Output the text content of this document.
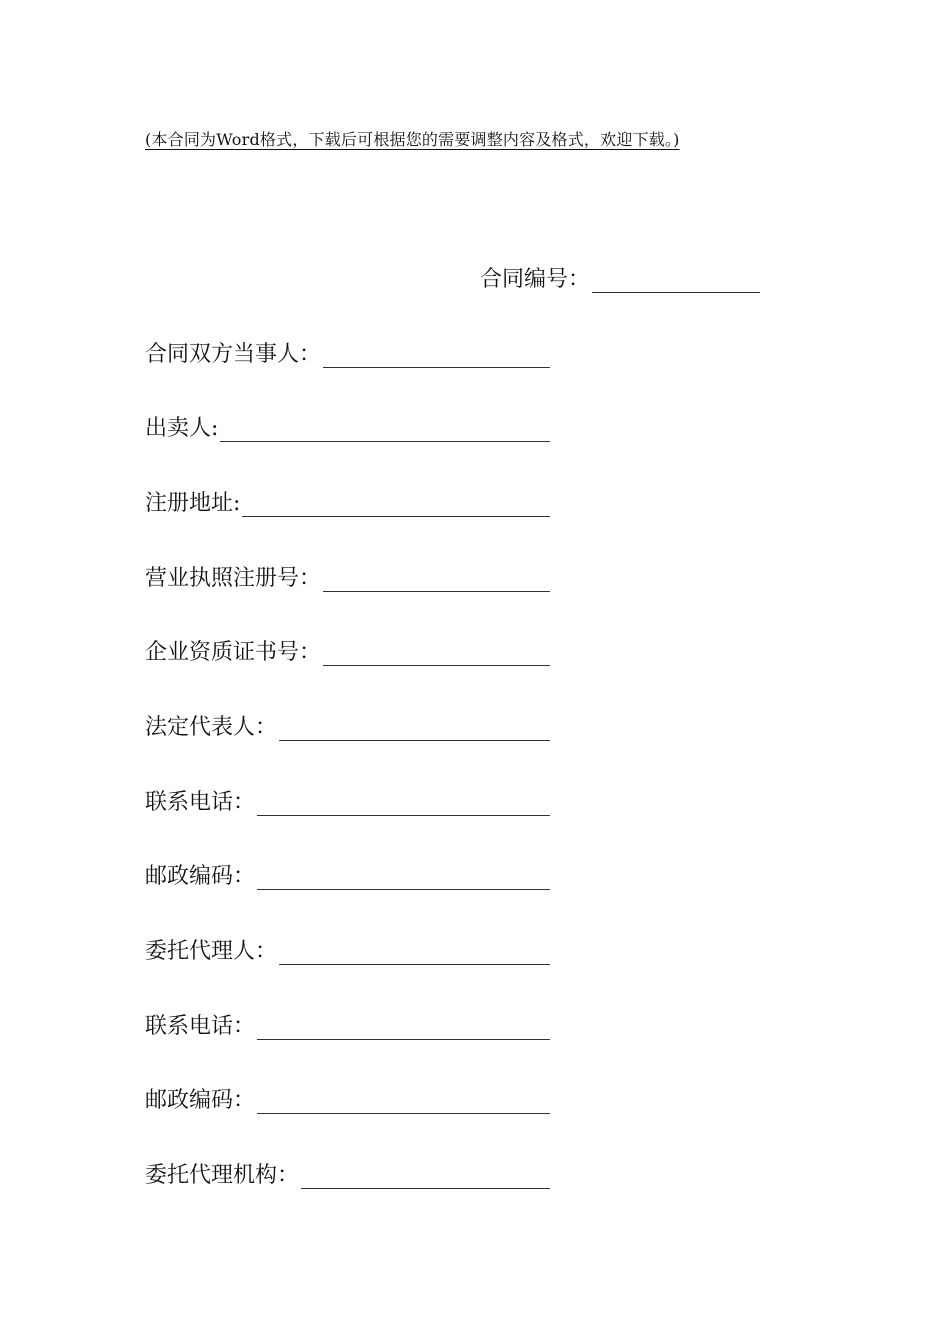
(本合同为Word格式，下载后可根据您的需要调整内容及格式，欢迎下载。)
合同编号：
合同双方当事人：
出卖人:
注册地址:
营业执照注册号：
企业资质证书号：
法定代表人：
联系电话：
邮政编码：
委托代理人：
联系电话：
邮政编码：
委托代理机构：
